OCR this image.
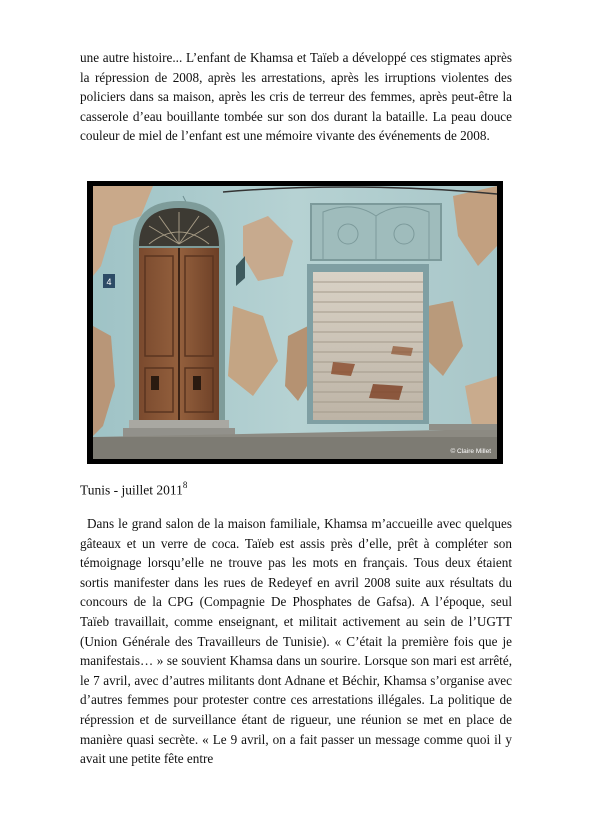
une autre histoire... L’enfant de Khamsa et Taïeb a développé ces stigmates après la répression de 2008, après les arrestations, après les irruptions violentes des policiers dans sa maison, après les cris de terreur des femmes, après peut-être la casserole d’eau bouillante tombée sur son dos durant la bataille. La peau douce couleur de miel de l’enfant est une mémoire vivante des événements de 2008.

4
© Claire Millet

Tunis - juillet 2011$^8$

Dans le grand salon de la maison familiale, Khamsa m’accueille avec quelques gâteaux et un verre de coca. Taïeb est assis près d’elle, prêt à compléter son témoignage lorsqu’elle ne trouve pas les mots en français. Tous deux étaient sortis manifester dans les rues de Redeyef en avril 2008 suite aux résultats du concours de la CPG (Compagnie De Phosphates de Gafsa). A l’époque, seul Taïeb travaillait, comme enseignant, et militait activement au sein de l’UGTT (Union Générale des Travailleurs de Tunisie). « C’était la première fois que je manifestais… » se souvient Khamsa dans un sourire. Lorsque son mari est arrêté, le 7 avril, avec d’autres militants dont Adnane et Béchir, Khamsa s’organise avec d’autres femmes pour protester contre ces arrestations illégales. La politique de répression et de surveillance étant de rigueur, une réunion se met en place de manière quasi secrète. « Le 9 avril, on a fait passer un message comme quoi il y avait une petite fête entre
